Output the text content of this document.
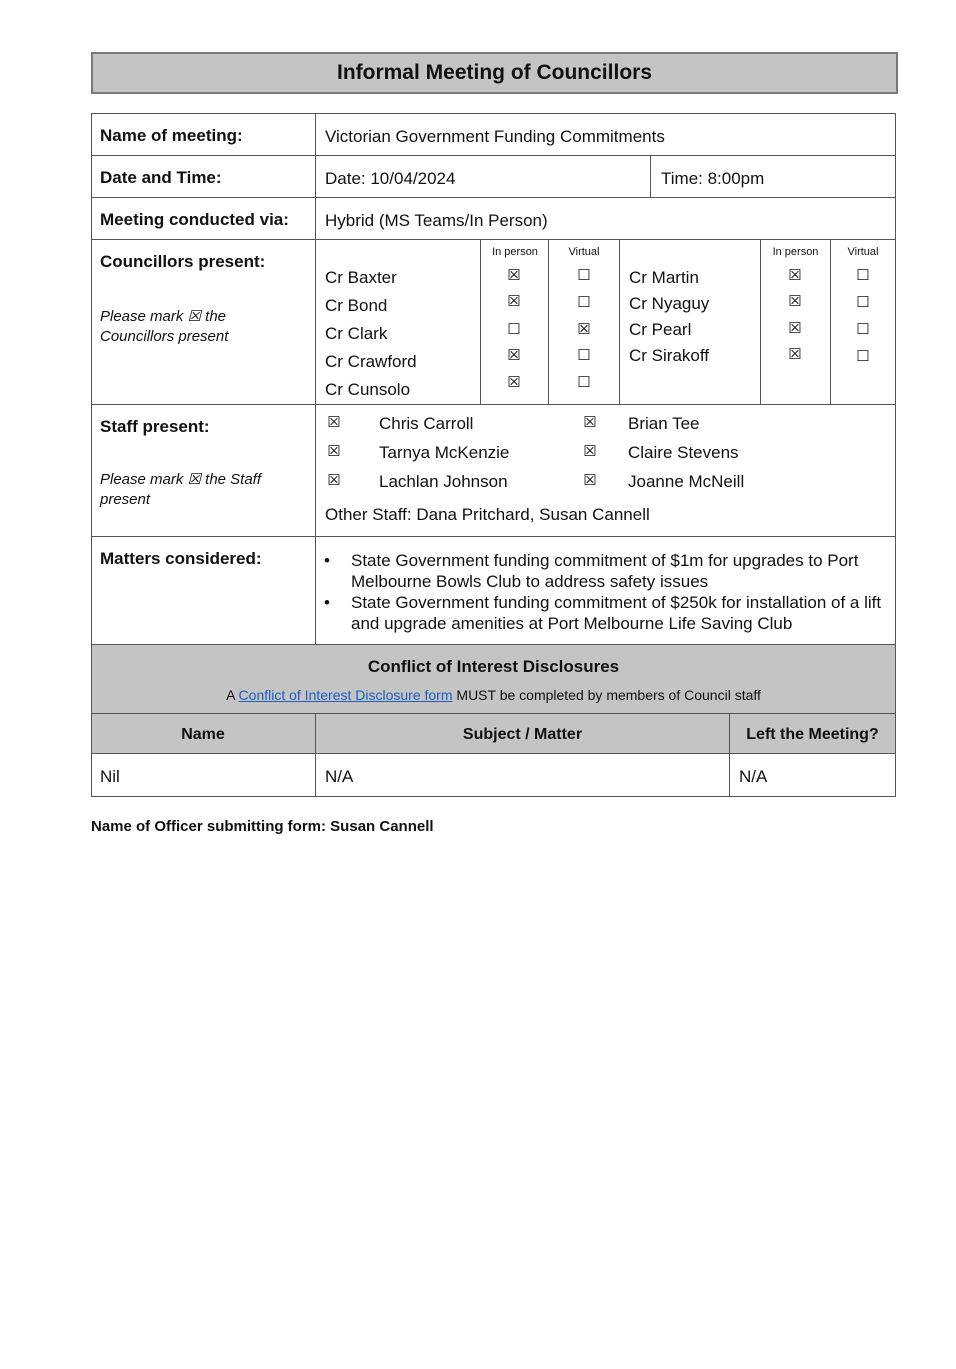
Informal Meeting of Councillors
Name of meeting:	Victorian Government Funding Commitments
Date and Time:	Date: 10/04/2024	Time: 8:00pm
Meeting conducted via: Hybrid (MS Teams/In Person)
Councillors present:
Please mark ☒ the Councillors present
In person	Virtual	In person	Virtual
Cr Baxter	☒	☐
Cr Bond	☒	☐
Cr Clark	☐	☒
Cr Crawford	☒	☐
Cr Cunsolo	☒	☐
Cr Martin	☒	☐
Cr Nyaguy	☒	☐
Cr Pearl	☒	☐
Cr Sirakoff	☒	☐
Staff present:
Please mark ☒ the Staff present
☒ Chris Carroll
☒ Tarnya McKenzie
☒ Lachlan Johnson
☒ Brian Tee
☒ Claire Stevens
☒ Joanne McNeill
Other Staff: Dana Pritchard, Susan Cannell
Matters considered:
•	State Government funding commitment of $1m for upgrades to Port Melbourne Bowls Club to address safety issues
• State Government funding commitment of $250k for installation of a lift and upgrade amenities at Port Melbourne Life Saving Club
Conflict of Interest Disclosures
A Conflict of Interest Disclosure form MUST be completed by members of Council staff
Name	Subject / Matter	Left the Meeting?
Nil	N/A	N/A
Name of Officer submitting form: Susan Cannell
